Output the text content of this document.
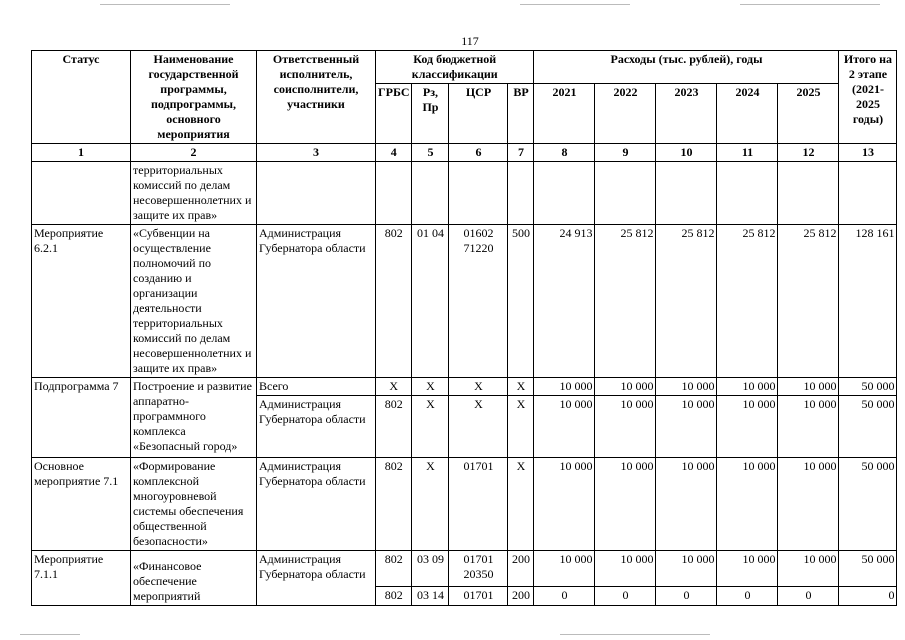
117
Статус	Наименование государственной программы, подпрограммы, основного мероприятия	Ответственный исполнитель, соисполнители, участники	Код бюджетной классификации				Расходы (тыс. рублей), годы					Итого на 2 этапе (2021-2025 годы)
			ГРБС	Рз, Пр	ЦСР	ВР	2021	2022	2023	2024	2025	
1	2	3	4	5	6	7	8	9	10	11	12	13
	территориальных комиссий по делам несовершеннолетних и защите их прав»											
Мероприятие 6.2.1	«Субвенции на осуществление полномочий по созданию и организации деятельности территориальных комиссий по делам несовершеннолетних и защите их прав»	Администрация Губернатора области	802	01 04	01602 71220	500	24 913	25 812	25 812	25 812	25 812	128 161
Подпрограмма 7	Построение и развитие аппаратно-программного комплекса «Безопасный город»	Всего	X	X	X	X	10 000	10 000	10 000	10 000	10 000	50 000
		Администрация Губернатора области	802	X	X	X	10 000	10 000	10 000	10 000	10 000	50 000
Основное мероприятие 7.1	«Формирование комплексной многоуровневой системы обеспечения общественной безопасности»	Администрация Губернатора области	802	X	01701	X	10 000	10 000	10 000	10 000	10 000	50 000
Мероприятие 7.1.1	«Финансовое обеспечение мероприятий	Администрация Губернатора области	802	03 09	01701 20350	200	10 000	10 000	10 000	10 000	10 000	50 000
			802	03 14	01701	200	0	0	0	0	0	0
